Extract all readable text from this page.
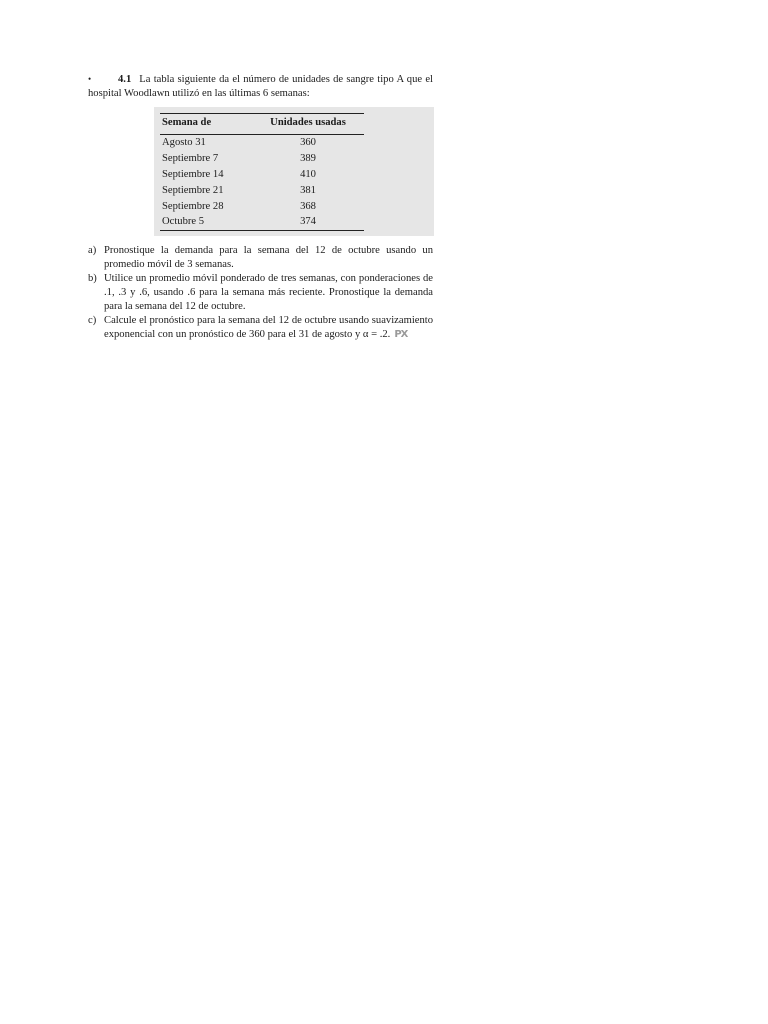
•	4.1 La tabla siguiente da el número de unidades de sangre tipo A que el hospital Woodlawn utilizó en las últimas 6 semanas:

Semana de	Unidades usadas
Agosto 31	360
Septiembre 7	389
Septiembre 14	410
Septiembre 21	381
Septiembre 28	368
Octubre 5	374
a) Pronostique la demanda para la semana del 12 de octubre usando un promedio móvil de 3 semanas.
b) Utilice un promedio móvil ponderado de tres semanas, con ponderaciones de .1, .3 y .6, usando .6 para la semana más reciente. Pronostique la demanda para la semana del 12 de octubre.
c) Calcule el pronóstico para la semana del 12 de octubre usando suavizamiento exponencial con un pronóstico de 360 para el 31 de agosto y α = .2. PX
